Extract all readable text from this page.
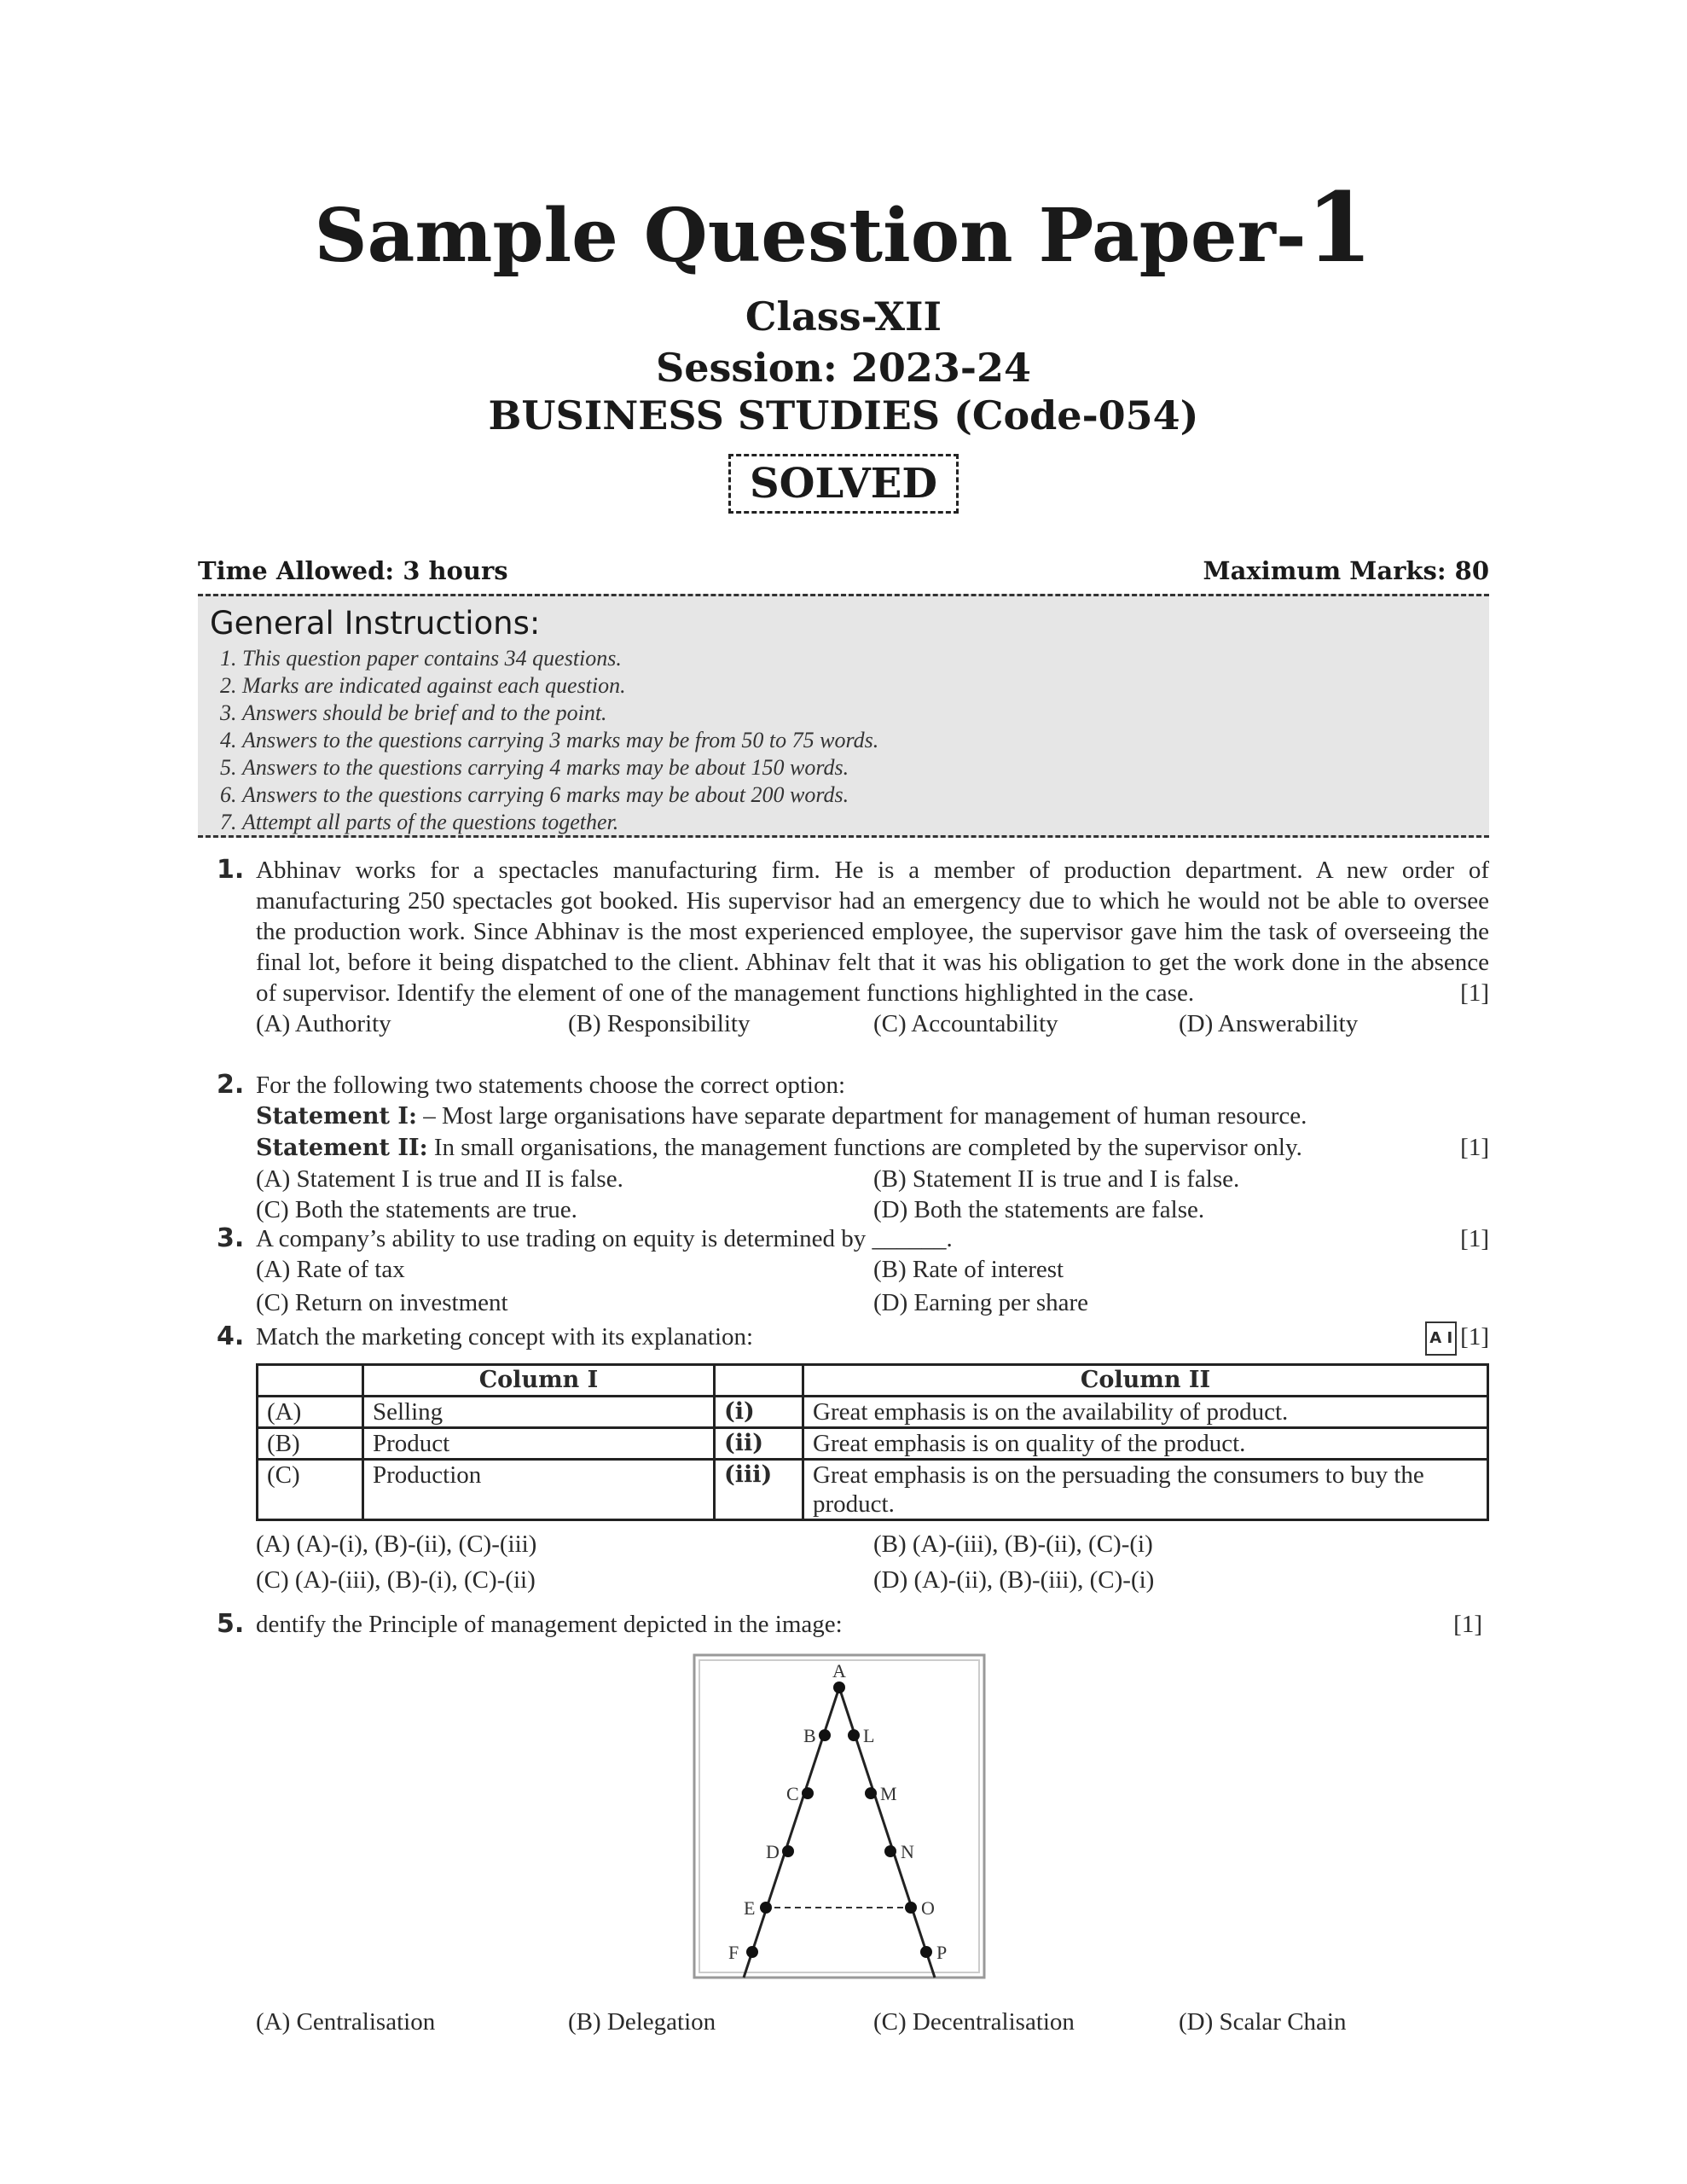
Sample Question Paper-1
Class-XII
Session: 2023-24
BUSINESS STUDIES (Code-054)
SOLVED
Time Allowed: 3 hours	Maximum Marks: 80
General Instructions:
1. This question paper contains 34 questions.
2. Marks are indicated against each question.
3. Answers should be brief and to the point.
4. Answers to the questions carrying 3 marks may be from 50 to 75 words.
5. Answers to the questions carrying 4 marks may be about 150 words.
6. Answers to the questions carrying 6 marks may be about 200 words.
7. Attempt all parts of the questions together.
1. Abhinav works for a spectacles manufacturing firm. He is a member of production department. A new order of manufacturing 250 spectacles got booked. His supervisor had an emergency due to which he would not be able to oversee the production work. Since Abhinav is the most experienced employee, the supervisor gave him the task of overseeing the final lot, before it being dispatched to the client. Abhinav felt that it was his obligation to get the work done in the absence of supervisor. Identify the element of one of the management functions highlighted in the case.	[1]
(A) Authority	(B) Responsibility	(C) Accountability	(D) Answerability
2. For the following two statements choose the correct option:
Statement I: – Most large organisations have separate department for management of human resource.
Statement II: In small organisations, the management functions are completed by the supervisor only.	[1]
(A) Statement I is true and II is false.	(B) Statement II is true and I is false.
(C) Both the statements are true.	(D) Both the statements are false.
3. A company’s ability to use trading on equity is determined by ______.	[1]
(A) Rate of tax	(B) Rate of interest
(C) Return on investment	(D) Earning per share
4. Match the marketing concept with its explanation:	A I [1]
	Column I		Column II
(A)	Selling	(i)	Great emphasis is on the availability of product.
(B)	Product	(ii)	Great emphasis is on quality of the product.
(C)	Production	(iii)	Great emphasis is on the persuading the consumers to buy the product.
(A) (A)-(i), (B)-(ii), (C)-(iii)	(B) (A)-(iii), (B)-(ii), (C)-(i)
(C) (A)-(iii), (B)-(i), (C)-(ii)	(D) (A)-(ii), (B)-(iii), (C)-(i)
5. dentify the Principle of management depicted in the image:	[1]
A
B	L
C	M
D	N
E	O
F	P
(A) Centralisation	(B) Delegation	(C) Decentralisation	(D) Scalar Chain
